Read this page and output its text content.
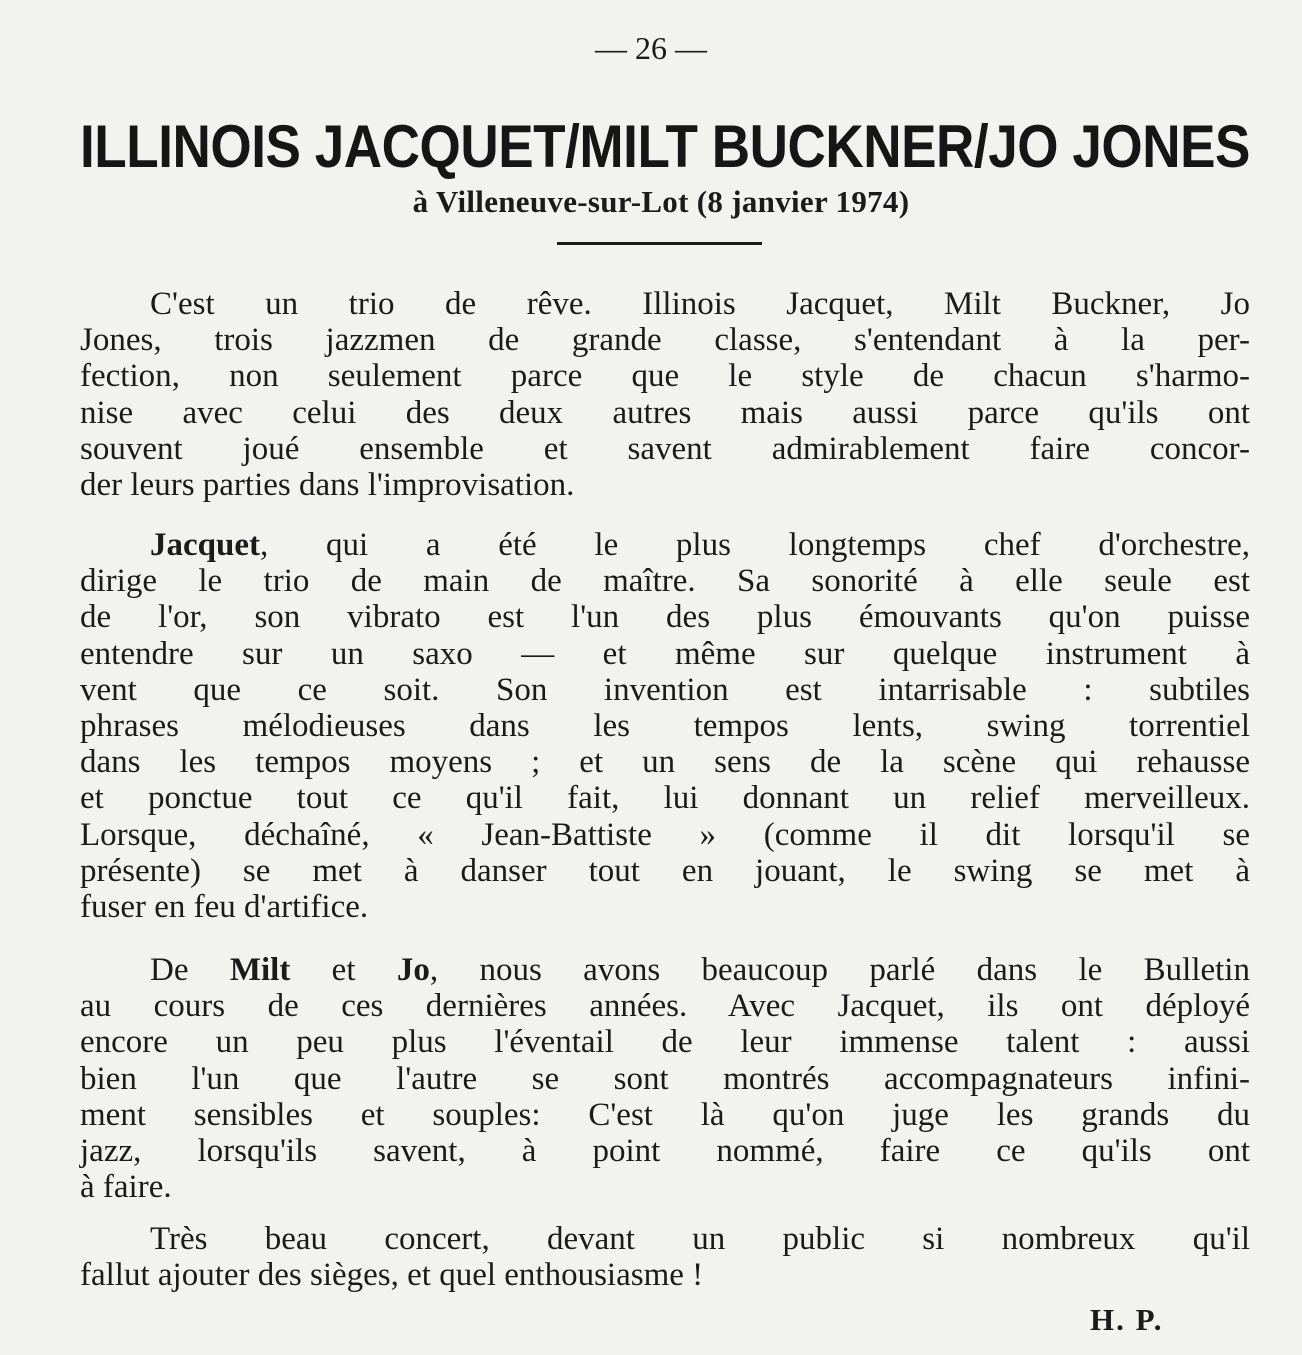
— 26 —
ILLINOIS JACQUET/MILT BUCKNER/JO JONES
à Villeneuve-sur-Lot (8 janvier 1974)
C'est un trio de rêve. Illinois Jacquet, Milt Buckner, Jo
Jones, trois jazzmen de grande classe, s'entendant à la per-
fection, non seulement parce que le style de chacun s'harmo-
nise avec celui des deux autres mais aussi parce qu'ils ont
souvent joué ensemble et savent admirablement faire concor-
der leurs parties dans l'improvisation.
Jacquet, qui a été le plus longtemps chef d'orchestre,
dirige le trio de main de maître. Sa sonorité à elle seule est
de l'or, son vibrato est l'un des plus émouvants qu'on puisse
entendre sur un saxo — et même sur quelque instrument à
vent que ce soit. Son invention est intarrisable : subtiles
phrases mélodieuses dans les tempos lents, swing torrentiel
dans les tempos moyens ; et un sens de la scène qui rehausse
et ponctue tout ce qu'il fait, lui donnant un relief merveilleux.
Lorsque, déchaîné, « Jean-Battiste » (comme il dit lorsqu'il se
présente) se met à danser tout en jouant, le swing se met à
fuser en feu d'artifice.
De Milt et Jo, nous avons beaucoup parlé dans le Bulletin
au cours de ces dernières années. Avec Jacquet, ils ont déployé
encore un peu plus l'éventail de leur immense talent : aussi
bien l'un que l'autre se sont montrés accompagnateurs infini-
ment sensibles et souples: C'est là qu'on juge les grands du
jazz, lorsqu'ils savent, à point nommé, faire ce qu'ils ont
à faire.
Très beau concert, devant un public si nombreux qu'il
fallut ajouter des sièges, et quel enthousiasme !
H. P.
